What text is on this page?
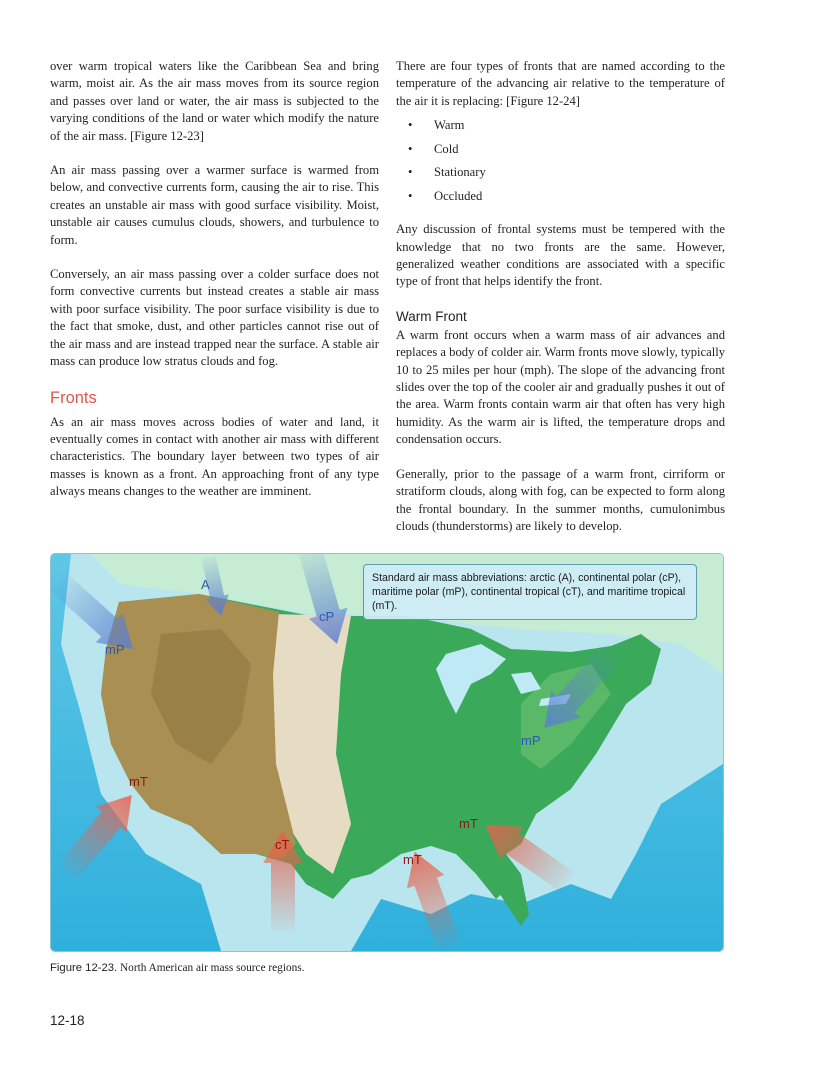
over warm tropical waters like the Caribbean Sea and bring warm, moist air. As the air mass moves from its source region and passes over land or water, the air mass is subjected to the varying conditions of the land or water which modify the nature of the air mass. [Figure 12-23]

An air mass passing over a warmer surface is warmed from below, and convective currents form, causing the air to rise. This creates an unstable air mass with good surface visibility. Moist, unstable air causes cumulus clouds, showers, and turbulence to form.

Conversely, an air mass passing over a colder surface does not form convective currents but instead creates a stable air mass with poor surface visibility. The poor surface visibility is due to the fact that smoke, dust, and other particles cannot rise out of the air mass and are instead trapped near the surface. A stable air mass can produce low stratus clouds and fog.

Fronts

As an air mass moves across bodies of water and land, it eventually comes in contact with another air mass with different characteristics. The boundary layer between two types of air masses is known as a front. An approaching front of any type always means changes to the weather are imminent.

There are four types of fronts that are named according to the temperature of the advancing air relative to the temperature of the air it is replacing: [Figure 12-24]

• Warm
• Cold
• Stationary
• Occluded

Any discussion of frontal systems must be tempered with the knowledge that no two fronts are the same. However, generalized weather conditions are associated with a specific type of front that helps identify the front.

Warm Front

A warm front occurs when a warm mass of air advances and replaces a body of colder air. Warm fronts move slowly, typically 10 to 25 miles per hour (mph). The slope of the advancing front slides over the top of the cooler air and gradually pushes it out of the area. Warm fronts contain warm air that often has very high humidity. As the warm air is lifted, the temperature drops and condensation occurs.

Generally, prior to the passage of a warm front, cirriform or stratiform clouds, along with fog, can be expected to form along the frontal boundary. In the summer months, cumulonimbus clouds (thunderstorms) are likely to develop.

A
cP
mP
mP
mT
cT
mT
mT
Standard air mass abbreviations: arctic (A), continental polar (cP), maritime polar (mP), continental tropical (cT), and maritime tropical (mT).
Figure 12-23. North American air mass source regions.
12-18
